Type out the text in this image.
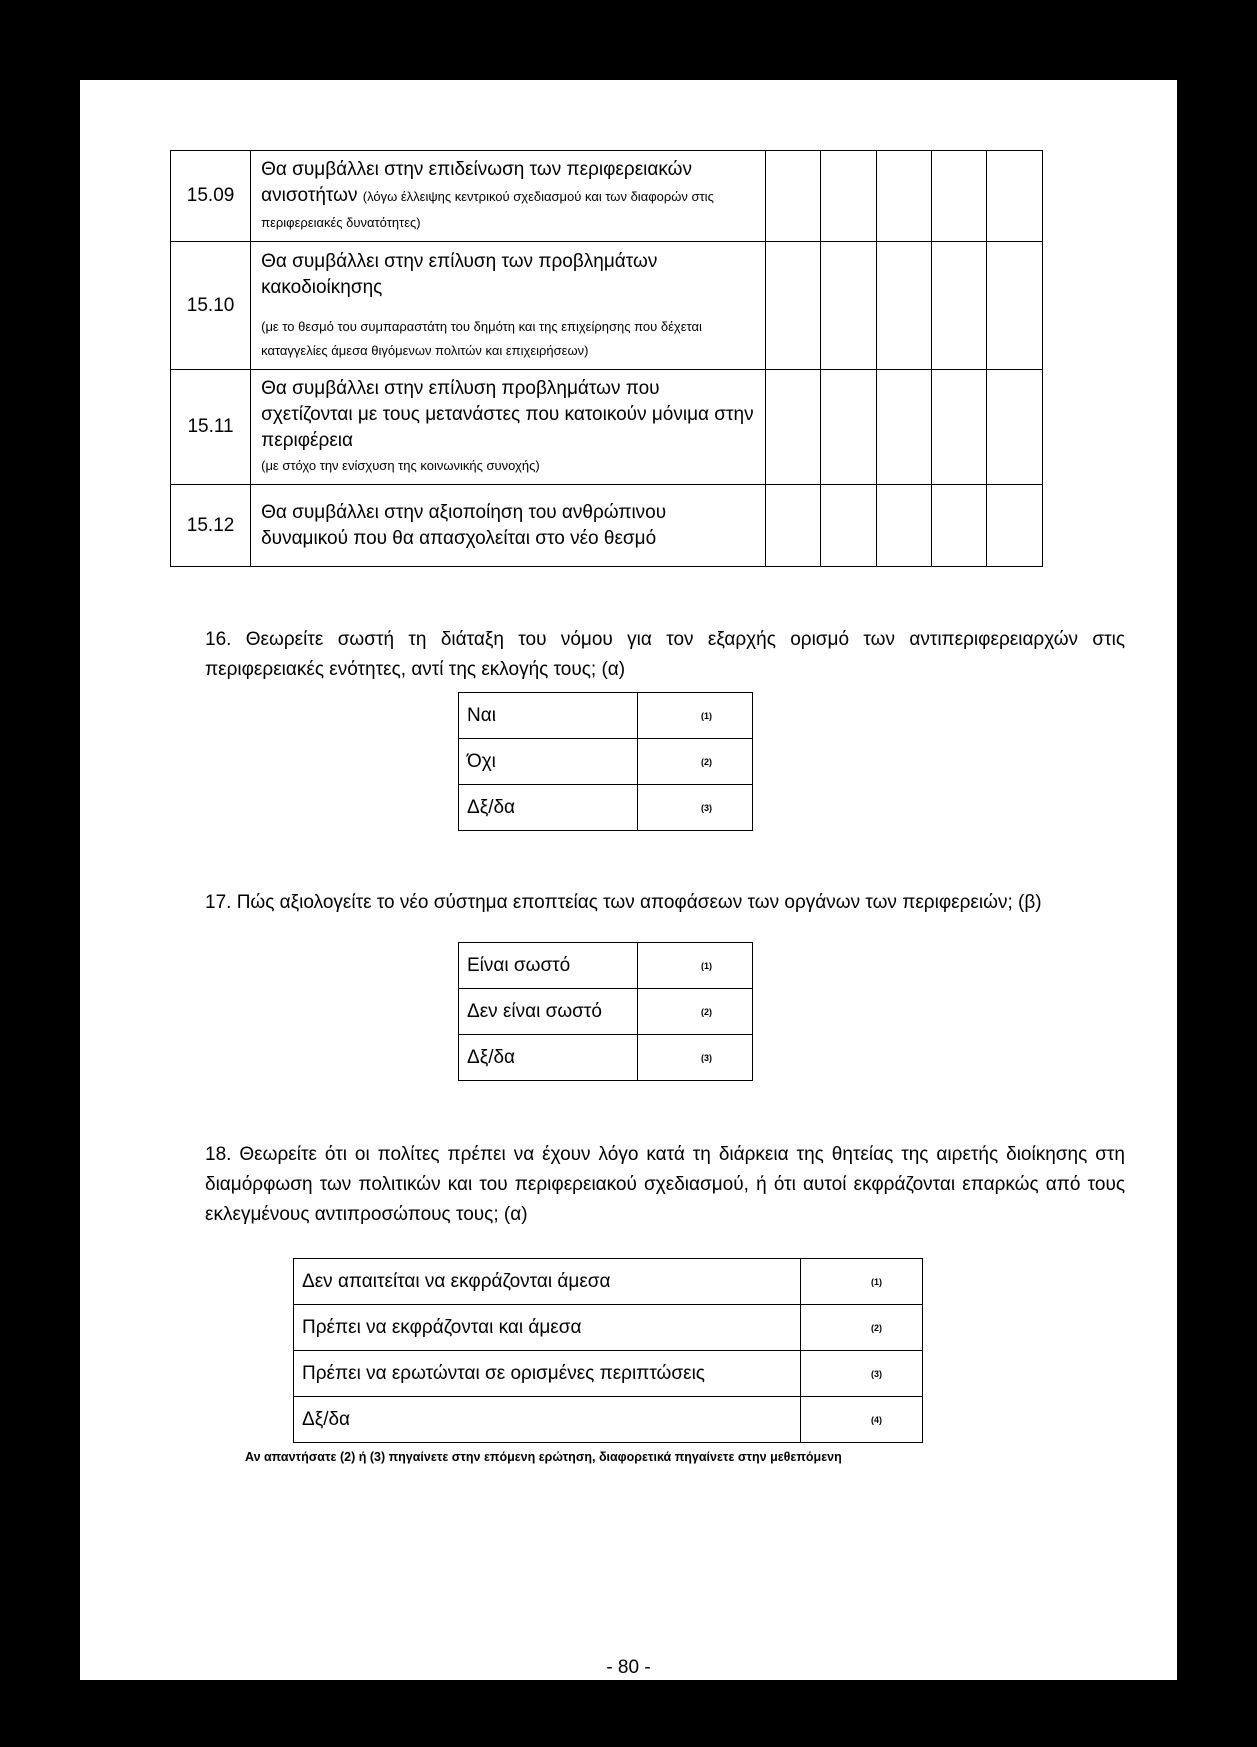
15.09	Θα συμβάλλει στην επιδείνωση των περιφερειακών ανισοτήτων (λόγω έλλειψης κεντρικού σχεδιασμού και των διαφορών στις περιφερειακές δυνατότητες)					
15.10	Θα συμβάλλει στην επίλυση των προβλημάτων κακοδιοίκησης
(με το θεσμό του συμπαραστάτη του δημότη και της επιχείρησης που δέχεται καταγγελίες άμεσα θιγόμενων πολιτών και επιχειρήσεων)					

15.11	Θα συμβάλλει στην επίλυση προβλημάτων που σχετίζονται με τους μετανάστες που κατοικούν μόνιμα στην περιφέρεια
(με στόχο την ενίσχυση της κοινωνικής συνοχής)					

15.12	Θα συμβάλλει στην αξιοποίηση του ανθρώπινου δυναμικού που θα απασχολείται στο νέο θεσμό					

16. Θεωρείτε σωστή τη διάταξη του νόμου για τον εξαρχής ορισμό των αντιπεριφερειαρχών στις περιφερειακές ενότητες, αντί της εκλογής τους; (α)
Ναι	(1)
Όχι	(2)
Δξ/δα	(3)
17. Πώς αξιολογείτε το νέο σύστημα εποπτείας των αποφάσεων των οργάνων των περιφερειών; (β)
Είναι σωστό	(1)
Δεν είναι σωστό	(2)
Δξ/δα	(3)
18. Θεωρείτε ότι οι πολίτες πρέπει να έχουν λόγο κατά τη διάρκεια της θητείας της αιρετής διοίκησης στη διαμόρφωση των πολιτικών και του περιφερειακού σχεδιασμού, ή ότι αυτοί εκφράζονται επαρκώς από τους εκλεγμένους αντιπροσώπους τους; (α)
Δεν απαιτείται να εκφράζονται άμεσα	(1)
Πρέπει να εκφράζονται και άμεσα	(2)
Πρέπει να ερωτώνται σε ορισμένες περιπτώσεις	(3)
Δξ/δα	(4)
Αν απαντήσατε (2) ή (3) πηγαίνετε στην επόμενη ερώτηση, διαφορετικά πηγαίνετε στην μεθεπόμενη
- 80 -
